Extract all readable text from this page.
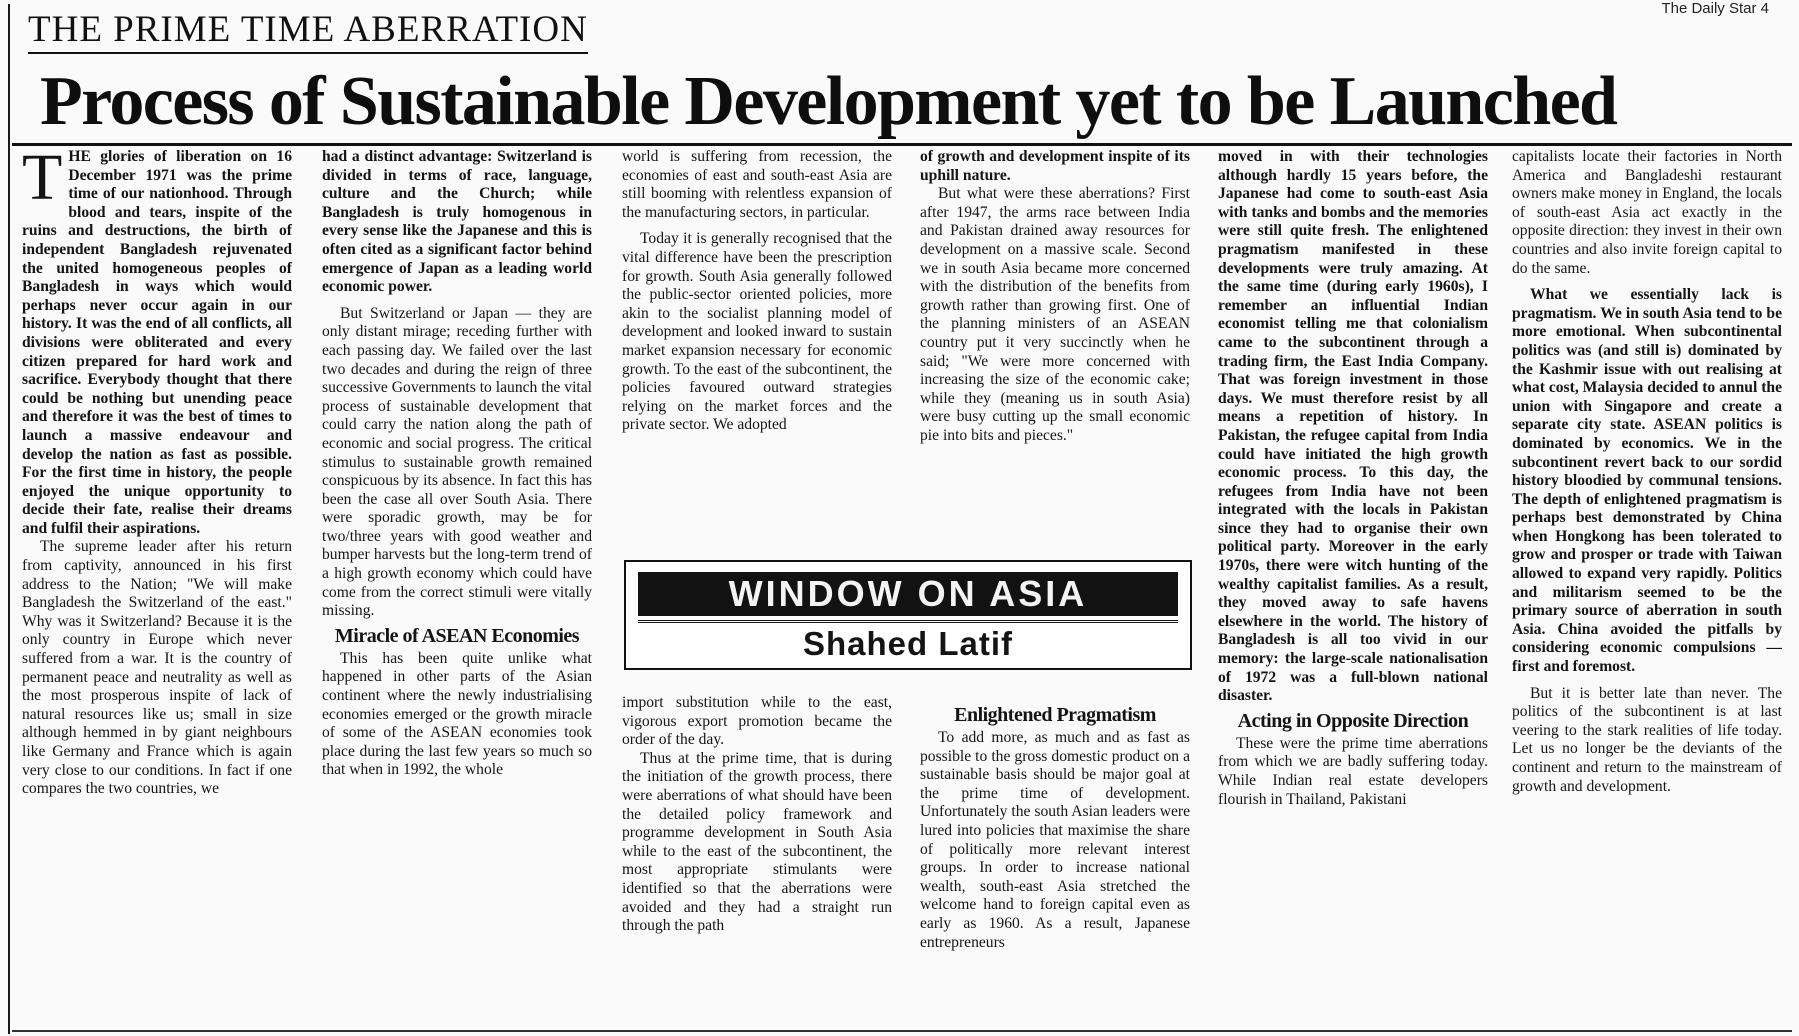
The Daily Star 4
THE PRIME TIME ABERRATION
Process of Sustainable Development yet to be Launched
T HE glories of liberation on 16 December 1971 was the prime time of our nationhood. Through blood and tears, inspite of the ruins and destructions, the birth of independent Bangladesh rejuvenated the united homogeneous peoples of Bangladesh in ways which would perhaps never occur again in our history. It was the end of all conflicts, all divisions were obliterated and every citizen prepared for hard work and sacrifice. Everybody thought that there could be nothing but unending peace and therefore it was the best of times to launch a massive endeavour and develop the nation as fast as possible. For the first time in history, the people enjoyed the unique opportunity to decide their fate, realise their dreams and fulfil their aspirations.

The supreme leader after his return from captivity, announced in his first address to the Nation; "We will make Bangladesh the Switzerland of the east." Why was it Switzerland? Because it is the only country in Europe which never suffered from a war. It is the country of permanent peace and neutrality as well as the most prosperous inspite of lack of natural resources like us; small in size although hemmed in by giant neighbours like Germany and France which is again very close to our conditions. In fact if one compares the two countries, we

had a distinct advantage: Switzerland is divided in terms of race, language, culture and the Church; while Bangladesh is truly homogenous in every sense like the Japanese and this is often cited as a significant factor behind emergence of Japan as a leading world economic power.

But Switzerland or Japan — they are only distant mirage; receding further with each passing day. We failed over the last two decades and during the reign of three successive Governments to launch the vital process of sustainable development that could carry the nation along the path of economic and social progress. The critical stimulus to sustainable growth remained conspicuous by its absence. In fact this has been the case all over South Asia. There were sporadic growth, may be for two/three years with good weather and bumper harvests but the long-term trend of a high growth economy which could have come from the correct stimuli were vitally missing.

Miracle of ASEAN Economies

This has been quite unlike what happened in other parts of the Asian continent where the newly industrialising economies emerged or the growth miracle of some of the ASEAN economies took place during the last few years so much so that when in 1992, the whole

world is suffering from recession, the economies of east and south-east Asia are still booming with relentless expansion of the manufacturing sectors, in particular.

Today it is generally recognised that the vital difference have been the prescription for growth. South Asia generally followed the public-sector oriented policies, more akin to the socialist planning model of development and looked inward to sustain market expansion necessary for economic growth. To the east of the subcontinent, the policies favoured outward strategies relying on the market forces and the private sector. We adopted

of growth and development inspite of its uphill nature.

But what were these aberrations? First after 1947, the arms race between India and Pakistan drained away resources for development on a massive scale. Second we in south Asia became more concerned with the distribution of the benefits from growth rather than growing first. One of the planning ministers of an ASEAN country put it very succinctly when he said; "We were more concerned with increasing the size of the economic cake; while they (meaning us in south Asia) were busy cutting up the small economic pie into bits and pieces."

WINDOW ON ASIA
Shahed Latif

import substitution while to the east, vigorous export promotion became the order of the day.

Thus at the prime time, that is during the initiation of the growth process, there were aberrations of what should have been the detailed policy framework and programme development in South Asia while to the east of the subcontinent, the most appropriate stimulants were identified so that the aberrations were avoided and they had a straight run through the path

Enlightened Pragmatism

To add more, as much and as fast as possible to the gross domestic product on a sustainable basis should be major goal at the prime time of development. Unfortunately the south Asian leaders were lured into policies that maximise the share of politically more relevant interest groups. In order to increase national wealth, south-east Asia stretched the welcome hand to foreign capital even as early as 1960. As a result, Japanese entrepreneurs

moved in with their technologies although hardly 15 years before, the Japanese had come to south-east Asia with tanks and bombs and the memories were still quite fresh. The enlightened pragmatism manifested in these developments were truly amazing. At the same time (during early 1960s), I remember an influential Indian economist telling me that colonialism came to the subcontinent through a trading firm, the East India Company. That was foreign investment in those days. We must therefore resist by all means a repetition of history. In Pakistan, the refugee capital from India could have initiated the high growth economic process. To this day, the refugees from India have not been integrated with the locals in Pakistan since they had to organise their own political party. Moreover in the early 1970s, there were witch hunting of the wealthy capitalist families. As a result, they moved away to safe havens elsewhere in the world. The history of Bangladesh is all too vivid in our memory: the large-scale nationalisation of 1972 was a full-blown national disaster.

Acting in Opposite Direction

These were the prime time aberrations from which we are badly suffering today. While Indian real estate developers flourish in Thailand, Pakistani

capitalists locate their factories in North America and Bangladeshi restaurant owners make money in England, the locals of south-east Asia act exactly in the opposite direction: they invest in their own countries and also invite foreign capital to do the same.

What we essentially lack is pragmatism. We in south Asia tend to be more emotional. When subcontinental politics was (and still is) dominated by the Kashmir issue with out realising at what cost, Malaysia decided to annul the union with Singapore and create a separate city state. ASEAN politics is dominated by economics. We in the subcontinent revert back to our sordid history bloodied by communal tensions. The depth of enlightened pragmatism is perhaps best demonstrated by China when Hongkong has been tolerated to grow and prosper or trade with Taiwan allowed to expand very rapidly. Politics and militarism seemed to be the primary source of aberration in south Asia. China avoided the pitfalls by considering economic compulsions — first and foremost.

But it is better late than never. The politics of the subcontinent is at last veering to the stark realities of life today. Let us no longer be the deviants of the continent and return to the mainstream of growth and development.
